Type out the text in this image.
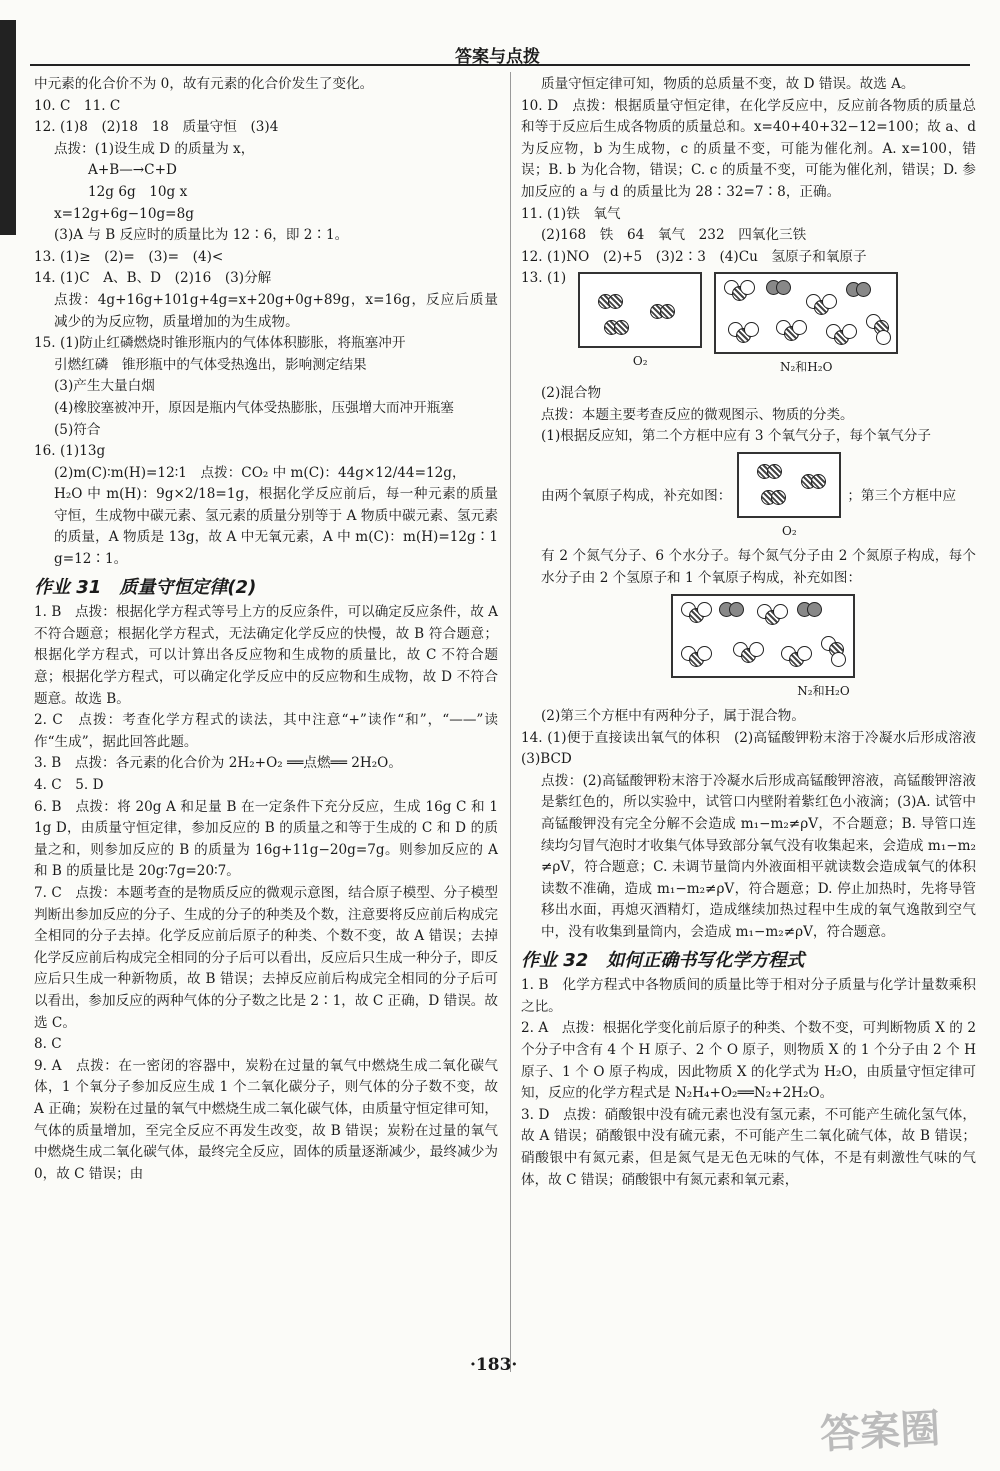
答案与点拨

中元素的化合价不为 0，故有元素的化合价发生了变化。

10. C　11. C

12. (1)8　(2)18　18　质量守恒　(3)4

点拨：(1)设生成 D 的质量为 x，

A+B—→C+D

12g 6g　10g x

x=12g+6g−10g=8g

(3)A 与 B 反应时的质量比为 12∶6，即 2∶1。

13. (1)≥　(2)=　(3)=　(4)<

14. (1)C　A、B、D　(2)16　(3)分解

点拨：4g+16g+101g+4g=x+20g+0g+89g，x=16g，反应后质量减少的为反应物，质量增加的为生成物。

15. (1)防止红磷燃烧时锥形瓶内的气体体积膨胀，将瓶塞冲开

引燃红磷　锥形瓶中的气体受热逸出，影响测定结果

(3)产生大量白烟

(4)橡胶塞被冲开，原因是瓶内气体受热膨胀，压强增大而冲开瓶塞

(5)符合

16. (1)13g

(2)m(C)∶m(H)=12∶1　点拨：CO₂ 中 m(C)：44g×12/44=12g，

H₂O 中 m(H)：9g×2/18=1g，根据化学反应前后，每一种元素的质量守恒，生成物中碳元素、氢元素的质量分别等于 A 物质中碳元素、氢元素的质量，A 物质是 13g，故 A 中无氧元素，A 中 m(C)：m(H)=12g∶1g=12∶1。

作业 31　质量守恒定律(2)

1. B　点拨：根据化学方程式等号上方的反应条件，可以确定反应条件，故 A 不符合题意；根据化学方程式，无法确定化学反应的快慢，故 B 符合题意；根据化学方程式，可以计算出各反应物和生成物的质量比，故 C 不符合题意；根据化学方程式，可以确定化学反应中的反应物和生成物，故 D 不符合题意。故选 B。

2. C　点拨：考查化学方程式的读法，其中注意“+”读作“和”，“——”读作“生成”，据此回答此题。

3. B　点拨：各元素的化合价为 2H₂+O₂ ══点燃══ 2H₂O。

4. C　5. D

6. B　点拨：将 20g A 和足量 B 在一定条件下充分反应，生成 16g C 和 11g D，由质量守恒定律，参加反应的 B 的质量之和等于生成的 C 和 D 的质量之和，则参加反应的 B 的质量为 16g+11g−20g=7g。则参加反应的 A 和 B 的质量比是 20g∶7g=20∶7。

7. C　点拨：本题考查的是物质反应的微观示意图，结合原子模型、分子模型判断出参加反应的分子、生成的分子的种类及个数，注意要将反应前后构成完全相同的分子去掉。化学反应前后原子的种类、个数不变，故 A 错误；去掉化学反应前后构成完全相同的分子后可以看出，反应后只生成一种分子，即反应后只生成一种新物质，故 B 错误；去掉反应前后构成完全相同的分子后可以看出，参加反应的两种气体的分子数之比是 2∶1，故 C 正确，D 错误。故选 C。

8. C

9. A　点拨：在一密闭的容器中，炭粉在过量的氧气中燃烧生成二氧化碳气体，1 个氧分子参加反应生成 1 个二氧化碳分子，则气体的分子数不变，故 A 正确；炭粉在过量的氧气中燃烧生成二氧化碳气体，由质量守恒定律可知，气体的质量增加，至完全反应不再发生改变，故 B 错误；炭粉在过量的氧气中燃烧生成二氧化碳气体，最终完全反应，固体的质量逐渐减少，最终减少为 0，故 C 错误；由

质量守恒定律可知，物质的总质量不变，故 D 错误。故选 A。

10. D　点拨：根据质量守恒定律，在化学反应中，反应前各物质的质量总和等于反应后生成各物质的质量总和。x=40+40+32−12=100；故 a、d 为反应物，b 为生成物，c 的质量不变，可能为催化剂。A. x=100，错误；B. b 为化合物，错误；C. c 的质量不变，可能为催化剂，错误；D. 参加反应的 a 与 d 的质量比为 28∶32=7∶8，正确。

11. (1)铁　氧气

(2)168　铁　64　氧气　232　四氧化三铁

12. (1)NO　(2)+5　(3)2∶3　(4)Cu　氢原子和氧原子

13. (1)

O₂	N₂和H₂O

(2)混合物

点拨：本题主要考查反应的微观图示、物质的分类。

(1)根据反应知，第二个方框中应有 3 个氧气分子，每个氧气分子

由两个氧原子构成，补充如图：
O₂
；第三个方框中应

有 2 个氮气分子、6 个水分子。每个氮气分子由 2 个氮原子构成，每个水分子由 2 个氢原子和 1 个氧原子构成，补充如图：

N₂和H₂O

(2)第三个方框中有两种分子，属于混合物。

14. (1)便于直接读出氧气的体积　(2)高锰酸钾粉末溶于冷凝水后形成溶液　(3)BCD

点拨：(2)高锰酸钾粉末溶于冷凝水后形成高锰酸钾溶液，高锰酸钾溶液是紫红色的，所以实验中，试管口内壁附着紫红色小液滴；(3)A. 试管中高锰酸钾没有完全分解不会造成 m₁−m₂≠ρV，不合题意；B. 导管口连续均匀冒气泡时才收集气体导致部分氧气没有收集起来，会造成 m₁−m₂≠ρV，符合题意；C. 未调节量筒内外液面相平就读数会造成氧气的体积读数不准确，造成 m₁−m₂≠ρV，符合题意；D. 停止加热时，先将导管移出水面，再熄灭酒精灯，造成继续加热过程中生成的氧气逸散到空气中，没有收集到量筒内，会造成 m₁−m₂≠ρV，符合题意。

作业 32　如何正确书写化学方程式

1. B　化学方程式中各物质间的质量比等于相对分子质量与化学计量数乘积之比。

2. A　点拨：根据化学变化前后原子的种类、个数不变，可判断物质 X 的 2 个分子中含有 4 个 H 原子、2 个 O 原子，则物质 X 的 1 个分子由 2 个 H 原子、1 个 O 原子构成，因此物质 X 的化学式为 H₂O，由质量守恒定律可知，反应的化学方程式是 N₂H₄+O₂══N₂+2H₂O。

3. D　点拨：硝酸银中没有硫元素也没有氢元素，不可能产生硫化氢气体，故 A 错误；硝酸银中没有硫元素，不可能产生二氧化硫气体，故 B 错误；硝酸银中有氮元素，但是氮气是无色无味的气体，不是有刺激性气味的气体，故 C 错误；硝酸银中有氮元素和氧元素，

·183·
答案圈
